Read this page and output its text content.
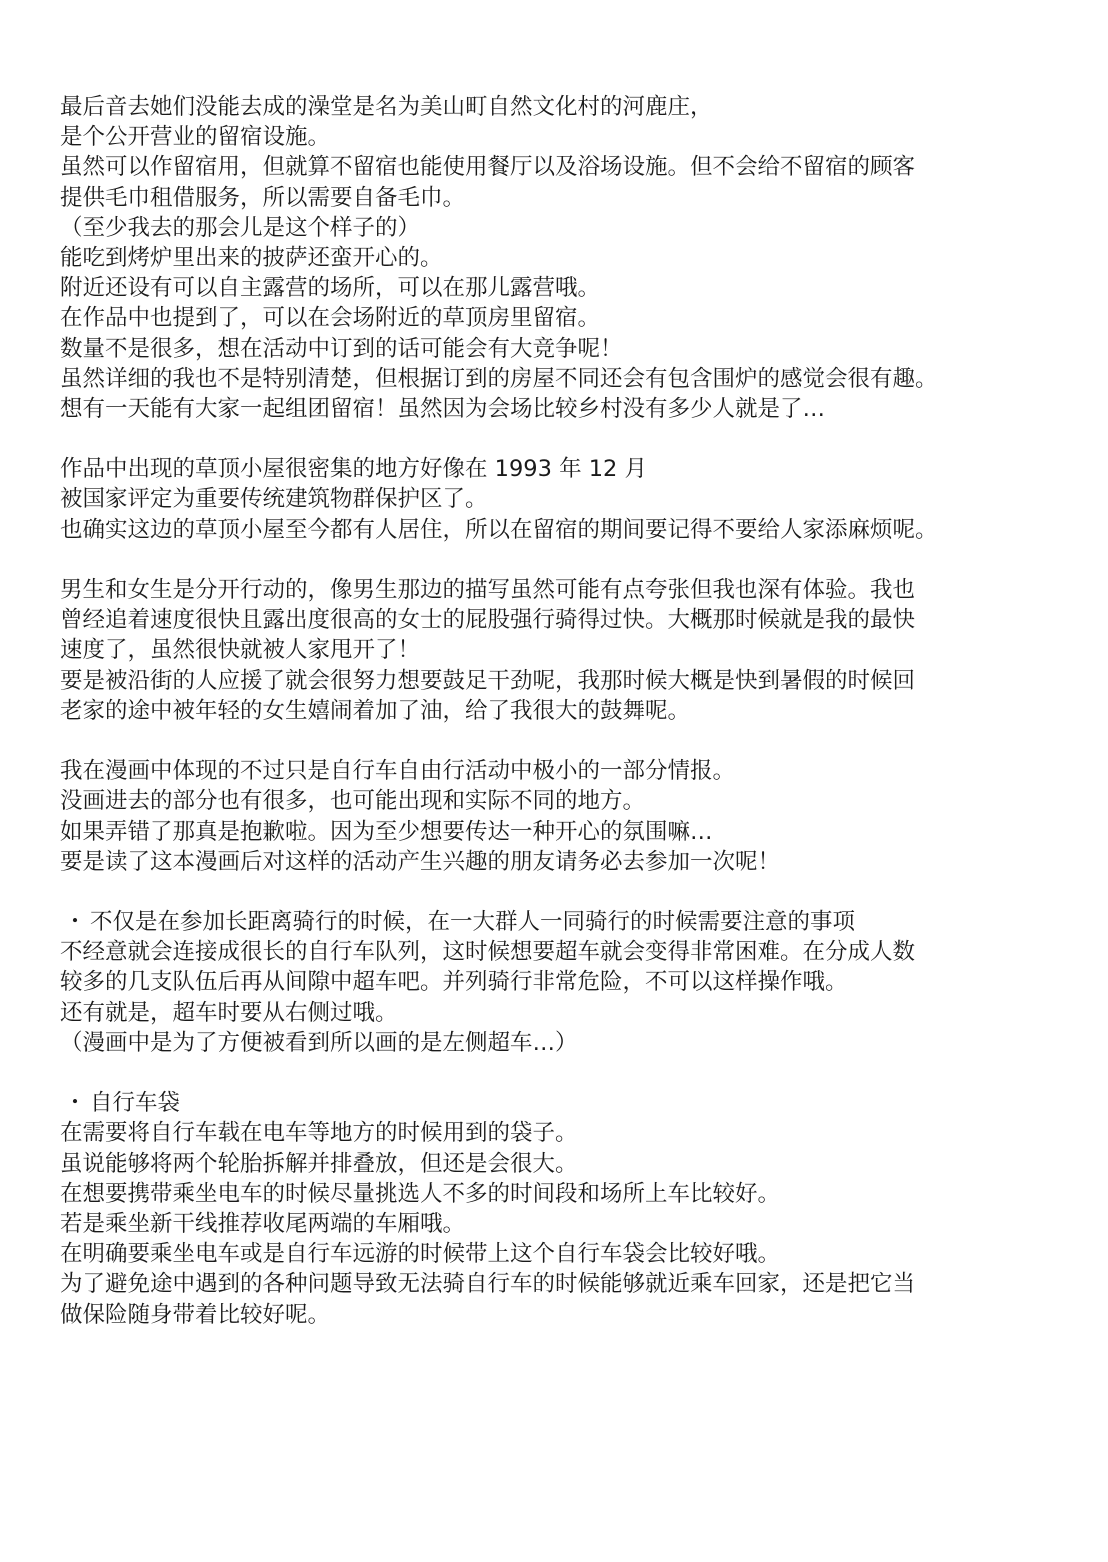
最后音去她们没能去成的澡堂是名为美山町自然文化村的河鹿庄，
是个公开营业的留宿设施。
虽然可以作留宿用，但就算不留宿也能使用餐厅以及浴场设施。但不会给不留宿的顾客
提供毛巾租借服务，所以需要自备毛巾。
（至少我去的那会儿是这个样子的）
能吃到烤炉里出来的披萨还蛮开心的。
附近还设有可以自主露营的场所，可以在那儿露营哦。
在作品中也提到了，可以在会场附近的草顶房里留宿。
数量不是很多，想在活动中订到的话可能会有大竞争呢！
虽然详细的我也不是特别清楚，但根据订到的房屋不同还会有包含围炉的感觉会很有趣。
想有一天能有大家一起组团留宿！虽然因为会场比较乡村没有多少人就是了…
作品中出现的草顶小屋很密集的地方好像在 1993 年 12 月
被国家评定为重要传统建筑物群保护区了。
也确实这边的草顶小屋至今都有人居住，所以在留宿的期间要记得不要给人家添麻烦呢。
男生和女生是分开行动的，像男生那边的描写虽然可能有点夸张但我也深有体验。我也
曾经追着速度很快且露出度很高的女士的屁股强行骑得过快。大概那时候就是我的最快
速度了，虽然很快就被人家甩开了！
要是被沿街的人应援了就会很努力想要鼓足干劲呢，我那时候大概是快到暑假的时候回
老家的途中被年轻的女生嬉闹着加了油，给了我很大的鼓舞呢。
我在漫画中体现的不过只是自行车自由行活动中极小的一部分情报。
没画进去的部分也有很多，也可能出现和实际不同的地方。
如果弄错了那真是抱歉啦。因为至少想要传达一种开心的氛围嘛…
要是读了这本漫画后对这样的活动产生兴趣的朋友请务必去参加一次呢！
・ 不仅是在参加长距离骑行的时候，在一大群人一同骑行的时候需要注意的事项
不经意就会连接成很长的自行车队列，这时候想要超车就会变得非常困难。在分成人数
较多的几支队伍后再从间隙中超车吧。并列骑行非常危险，不可以这样操作哦。
还有就是，超车时要从右侧过哦。
（漫画中是为了方便被看到所以画的是左侧超车…）
・ 自行车袋
在需要将自行车载在电车等地方的时候用到的袋子。
虽说能够将两个轮胎拆解并排叠放，但还是会很大。
在想要携带乘坐电车的时候尽量挑选人不多的时间段和场所上车比较好。
若是乘坐新干线推荐收尾两端的车厢哦。
在明确要乘坐电车或是自行车远游的时候带上这个自行车袋会比较好哦。
为了避免途中遇到的各种问题导致无法骑自行车的时候能够就近乘车回家，还是把它当
做保险随身带着比较好呢。
